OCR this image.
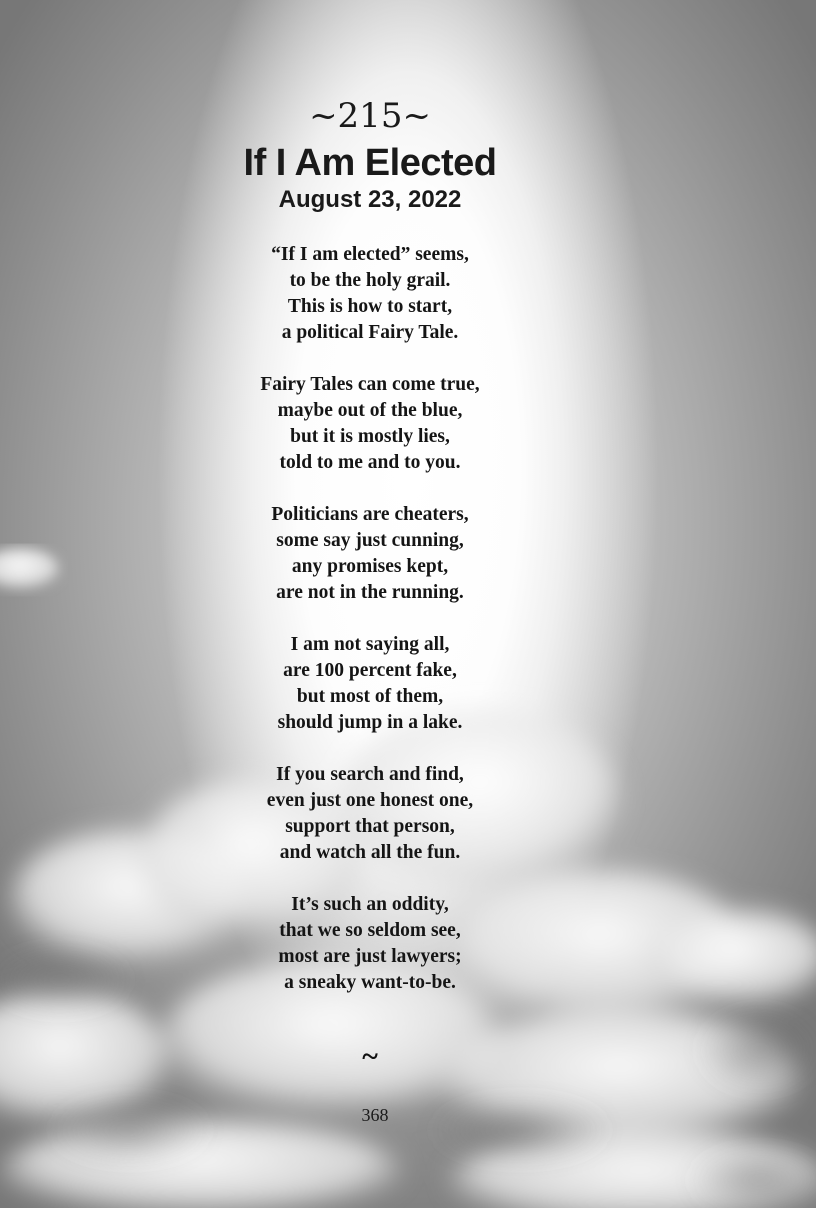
~215~
If I Am Elected
August 23, 2022
“If I am elected” seems,
to be the holy grail.
This is how to start,
a political Fairy Tale.
Fairy Tales can come true,
maybe out of the blue,
but it is mostly lies,
told to me and to you.
Politicians are cheaters,
some say just cunning,
any promises kept,
are not in the running.
I am not saying all,
are 100 percent fake,
but most of them,
should jump in a lake.
If you search and find,
even just one honest one,
support that person,
and watch all the fun.
It’s such an oddity,
that we so seldom see,
most are just lawyers;
a sneaky want-to-be.
~
368
